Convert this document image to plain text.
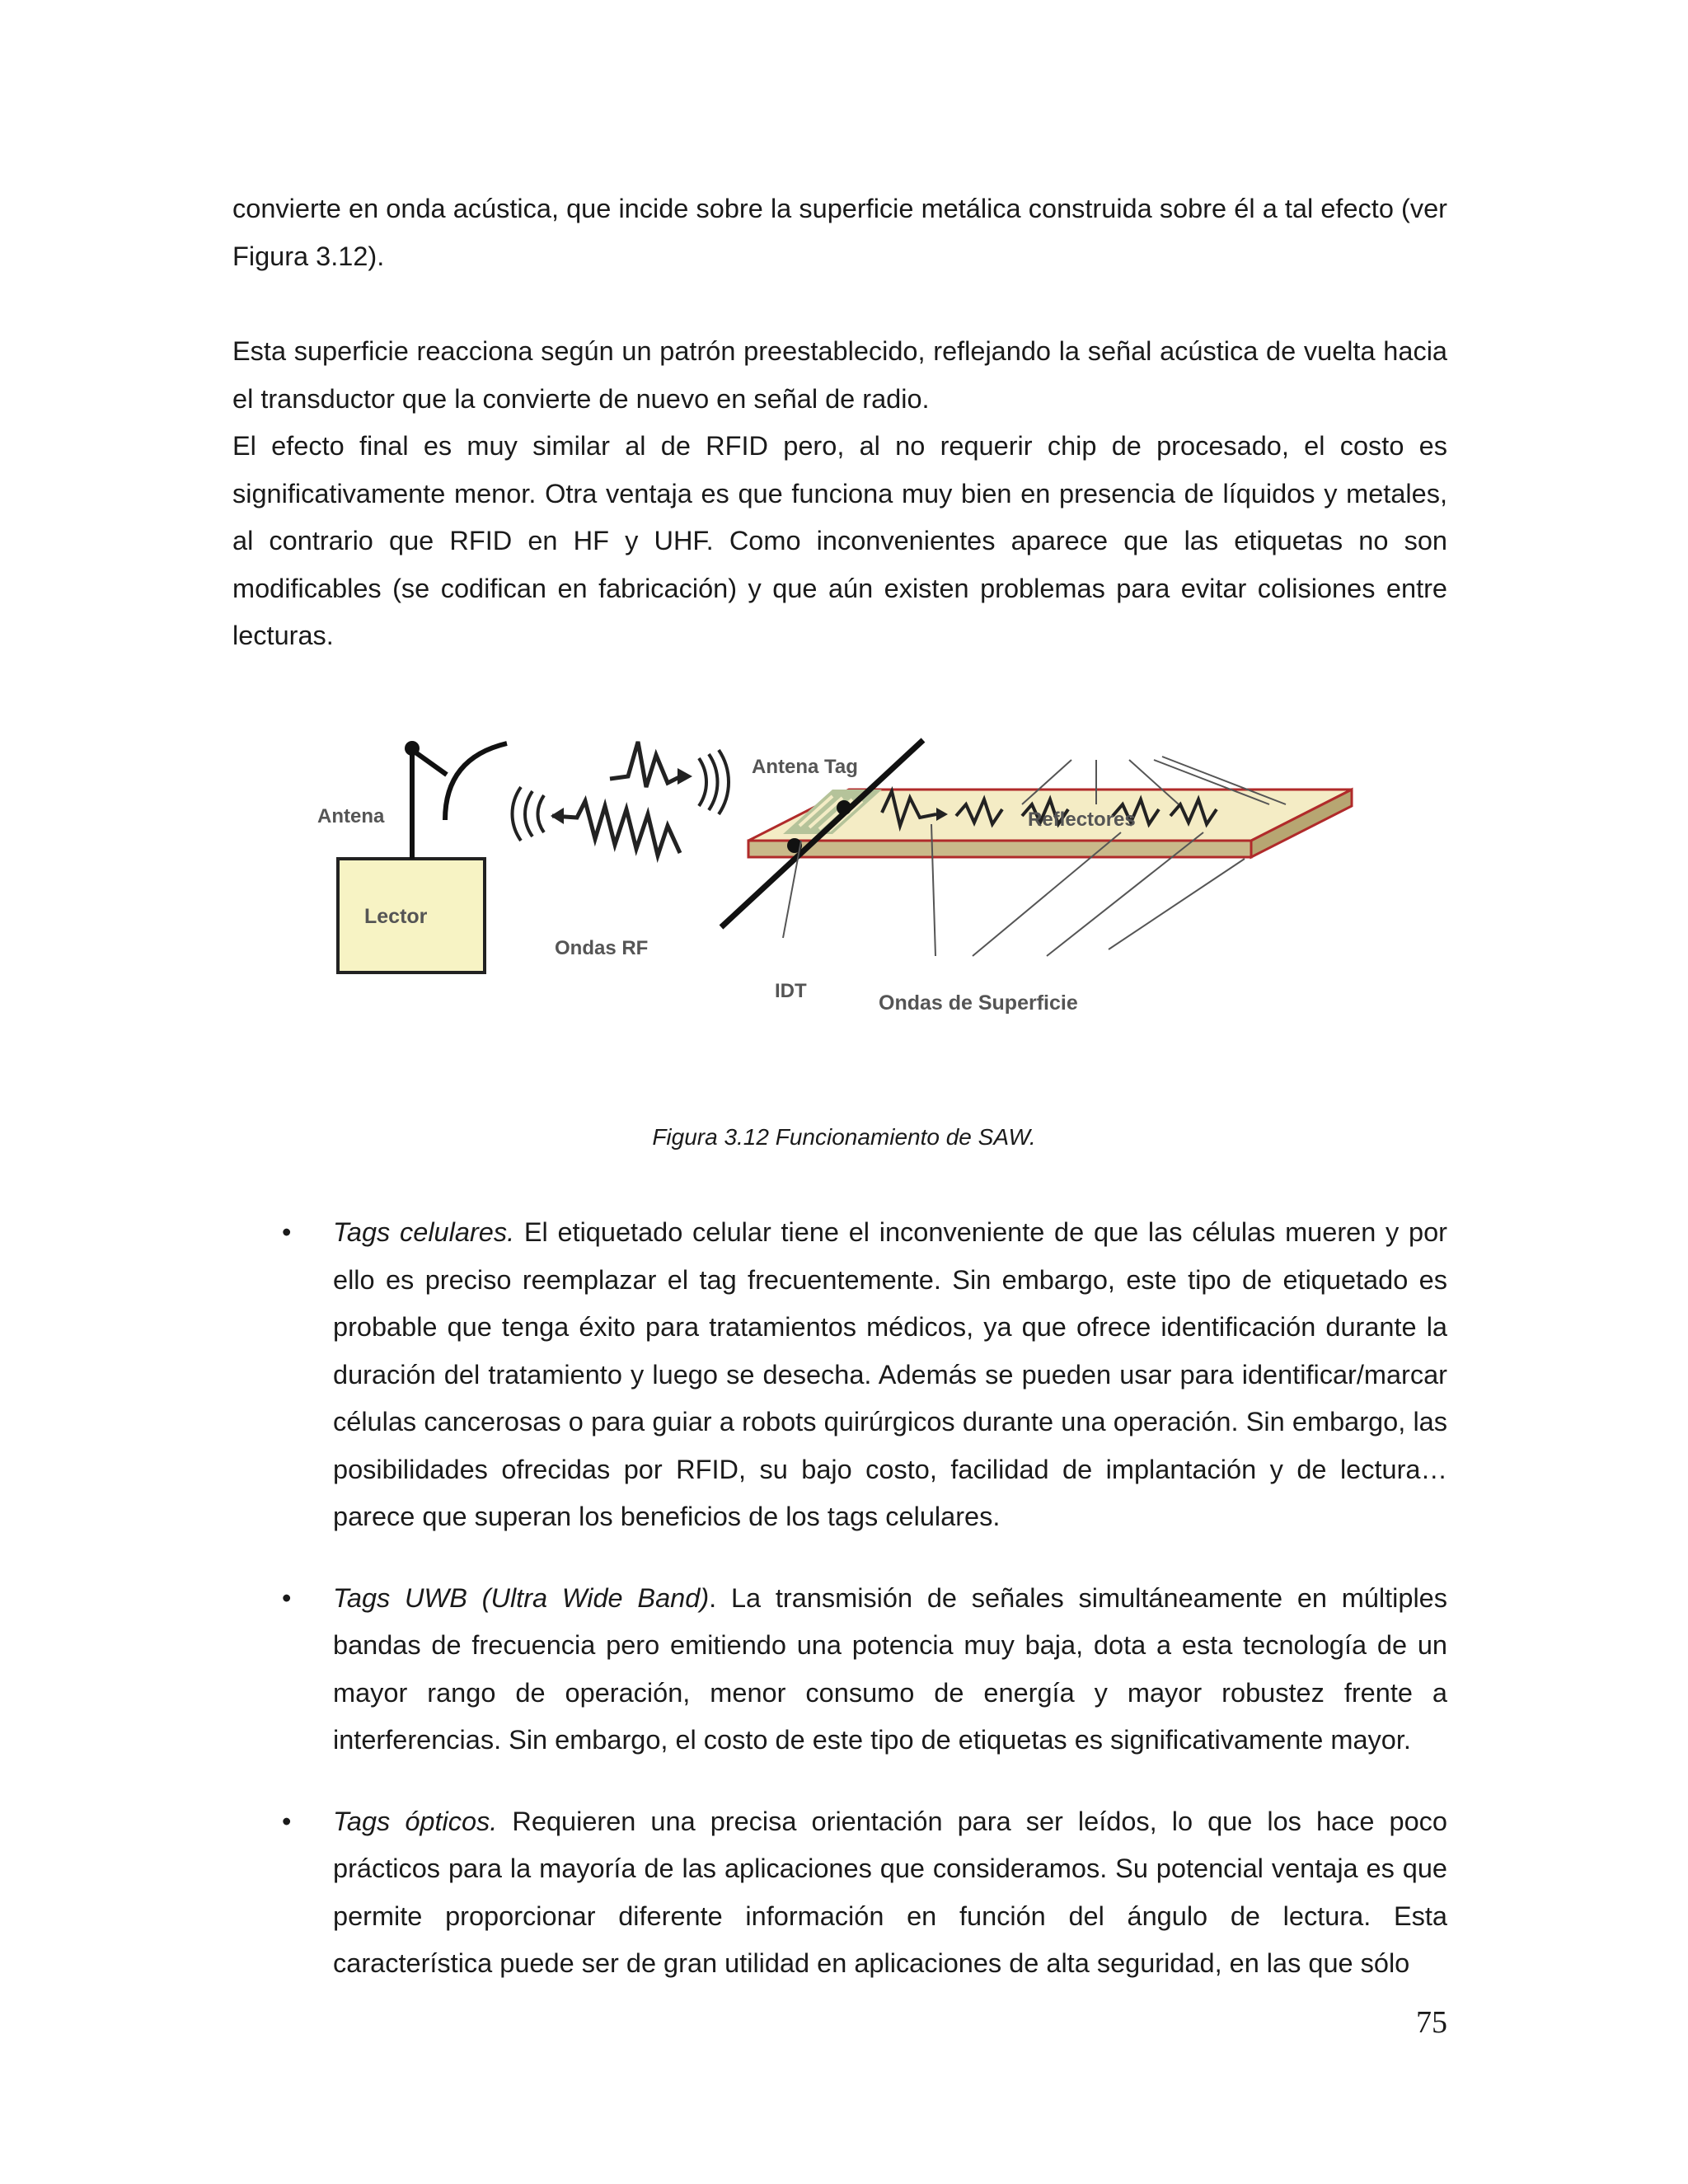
convierte en onda acústica, que incide sobre la superficie metálica construida sobre él a tal efecto (ver Figura 3.12).

Esta superficie reacciona según un patrón preestablecido, reflejando la señal acústica de vuelta hacia el transductor que la convierte de nuevo en señal de radio.

El efecto final es muy similar al de RFID pero, al no requerir chip de procesado, el costo es significativamente menor. Otra ventaja es que funciona muy bien en presencia de líquidos y metales, al contrario que RFID en HF y UHF. Como inconvenientes aparece que las etiquetas no son modificables (se codifican en fabricación) y que aún existen problemas para evitar colisiones entre lecturas.

Antena
Lector
Ondas RF
Antena Tag
Reflectores
IDT
Ondas de Superficie

Figura 3.12 Funcionamiento de SAW.

• Tags celulares. El etiquetado celular tiene el inconveniente de que las células mueren y por ello es preciso reemplazar el tag frecuentemente. Sin embargo, este tipo de etiquetado es probable que tenga éxito para tratamientos médicos, ya que ofrece identificación durante la duración del tratamiento y luego se desecha. Además se pueden usar para identificar/marcar células cancerosas o para guiar a robots quirúrgicos durante una operación. Sin embargo, las posibilidades ofrecidas por RFID, su bajo costo, facilidad de implantación y de lectura… parece que superan los beneficios de los tags celulares.
• Tags UWB (Ultra Wide Band). La transmisión de señales simultáneamente en múltiples bandas de frecuencia pero emitiendo una potencia muy baja, dota a esta tecnología de un mayor rango de operación, menor consumo de energía y mayor robustez frente a interferencias. Sin embargo, el costo de este tipo de etiquetas es significativamente mayor.
• Tags ópticos. Requieren una precisa orientación para ser leídos, lo que los hace poco prácticos para la mayoría de las aplicaciones que consideramos. Su potencial ventaja es que permite proporcionar diferente información en función del ángulo de lectura. Esta característica puede ser de gran utilidad en aplicaciones de alta seguridad, en las que sólo

75
